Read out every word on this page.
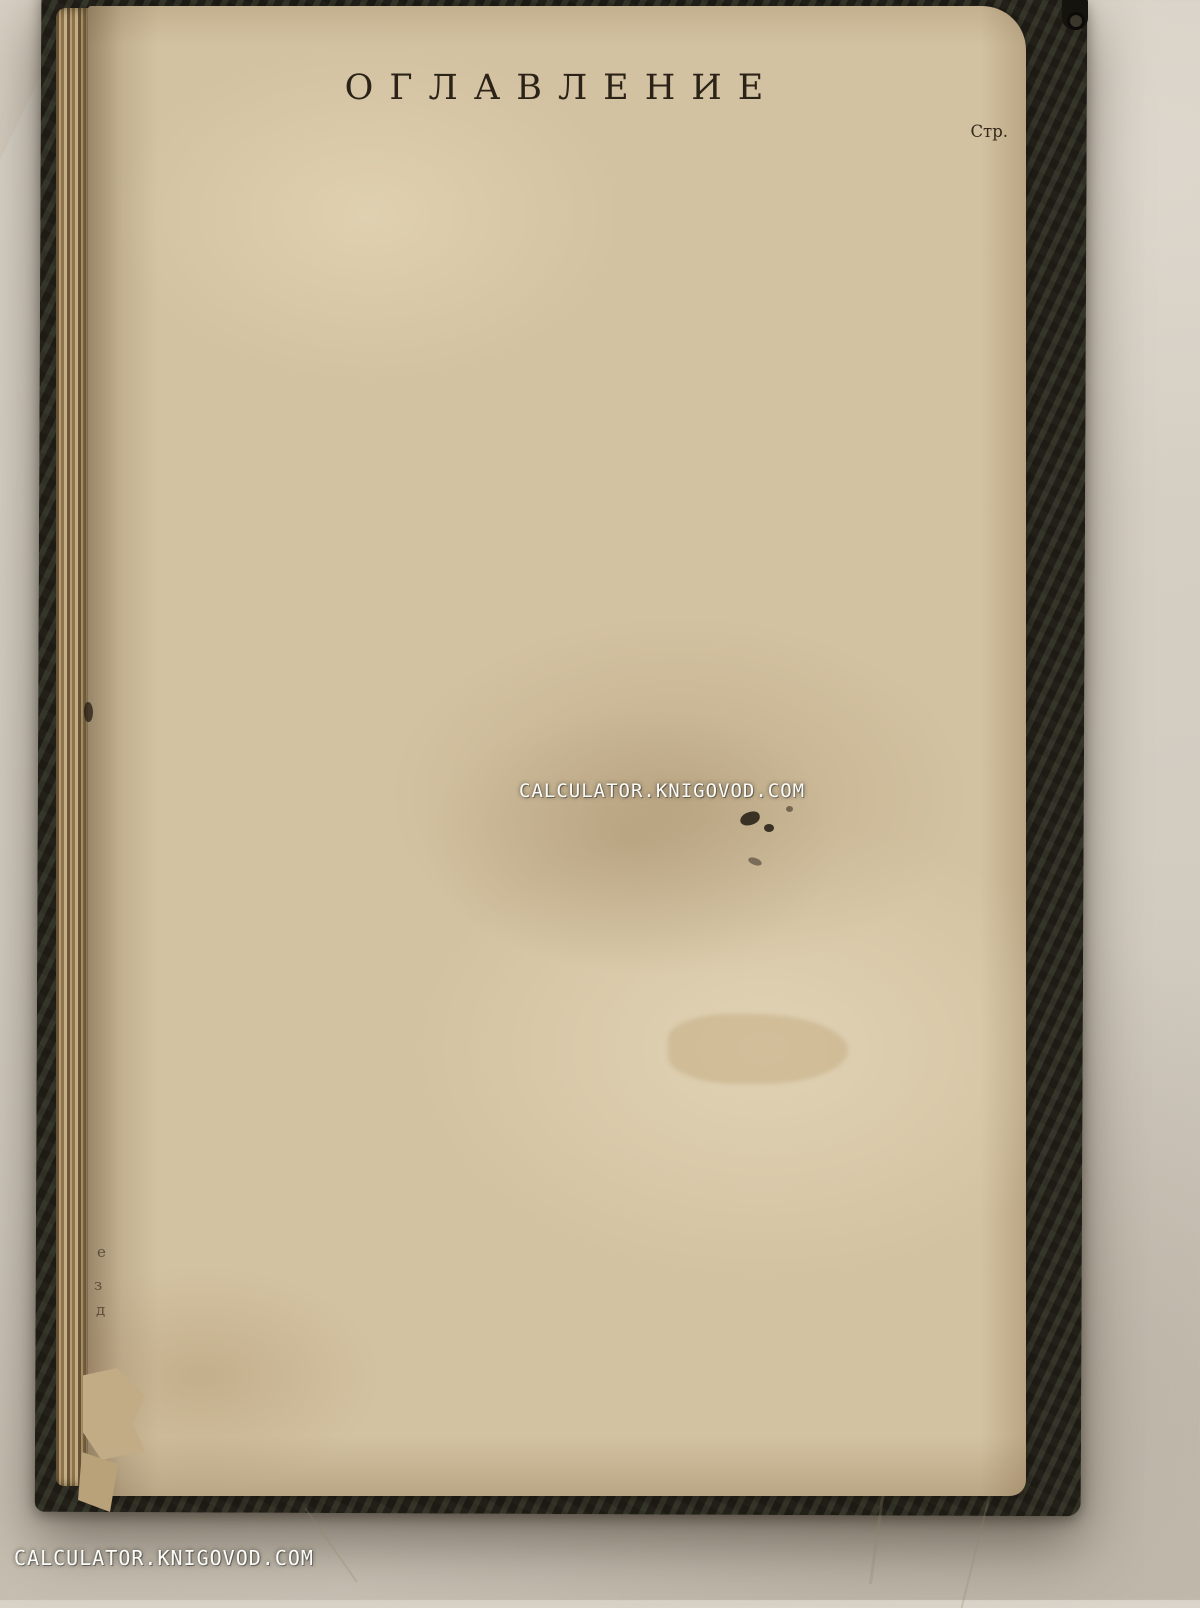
ОГЛАВЛЕНИЕ
Стр.
е
з
д
CALCULATOR.KNIGOVOD.COM
CALCULATOR.KNIGOVOD.COM
